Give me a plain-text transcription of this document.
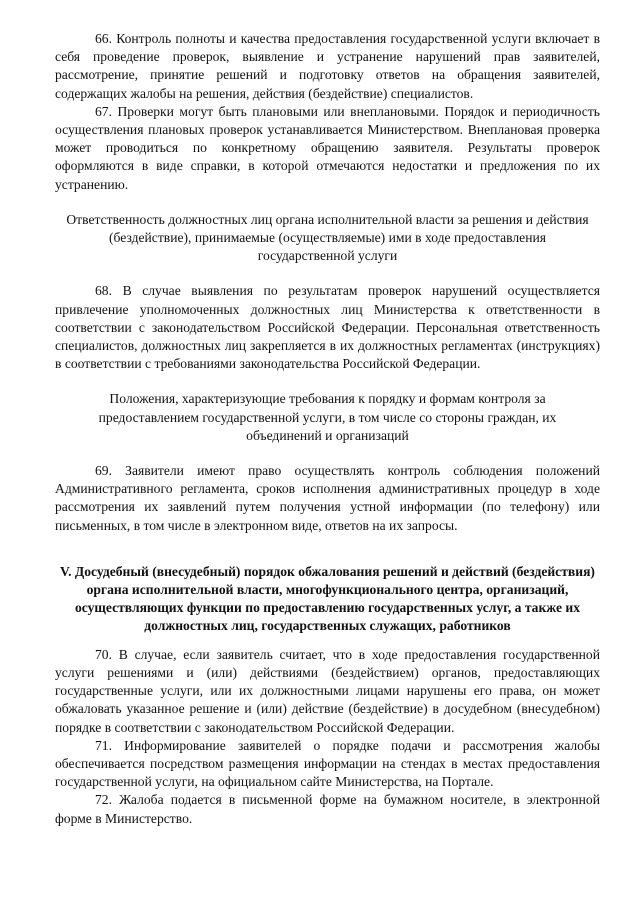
66. Контроль полноты и качества предоставления государственной услуги включает в себя проведение проверок, выявление и устранение нарушений прав заявителей, рассмотрение, принятие решений и подготовку ответов на обращения заявителей, содержащих жалобы на решения, действия (бездействие) специалистов.

67. Проверки могут быть плановыми или внеплановыми. Порядок и периодичность осуществления плановых проверок устанавливается Министерством. Внеплановая проверка может проводиться по конкретному обращению заявителя. Результаты проверок оформляются в виде справки, в которой отмечаются недостатки и предложения по их устранению.

Ответственность должностных лиц органа исполнительной власти за решения и действия (бездействие), принимаемые (осуществляемые) ими в ходе предоставления государственной услуги

68. В случае выявления по результатам проверок нарушений осуществляется привлечение уполномоченных должностных лиц Министерства к ответственности в соответствии с законодательством Российской Федерации. Персональная ответственность специалистов, должностных лиц закрепляется в их должностных регламентах (инструкциях) в соответствии с требованиями законодательства Российской Федерации.

Положения, характеризующие требования к порядку и формам контроля за предоставлением государственной услуги, в том числе со стороны граждан, их объединений и организаций

69. Заявители имеют право осуществлять контроль соблюдения положений Административного регламента, сроков исполнения административных процедур в ходе рассмотрения их заявлений путем получения устной информации (по телефону) или письменных, в том числе в электронном виде, ответов на их запросы.

V. Досудебный (внесудебный) порядок обжалования решений и действий (бездействия) органа исполнительной власти, многофункционального центра, организаций, осуществляющих функции по предоставлению государственных услуг, а также их должностных лиц, государственных служащих, работников

70. В случае, если заявитель считает, что в ходе предоставления государственной услуги решениями и (или) действиями (бездействием) органов, предоставляющих государственные услуги, или их должностными лицами нарушены его права, он может обжаловать указанное решение и (или) действие (бездействие) в досудебном (внесудебном) порядке в соответствии с законодательством Российской Федерации.

71. Информирование заявителей о порядке подачи и рассмотрения жалобы обеспечивается посредством размещения информации на стендах в местах предоставления государственной услуги, на официальном сайте Министерства, на Портале.

72. Жалоба подается в письменной форме на бумажном носителе, в электронной форме в Министерство.
